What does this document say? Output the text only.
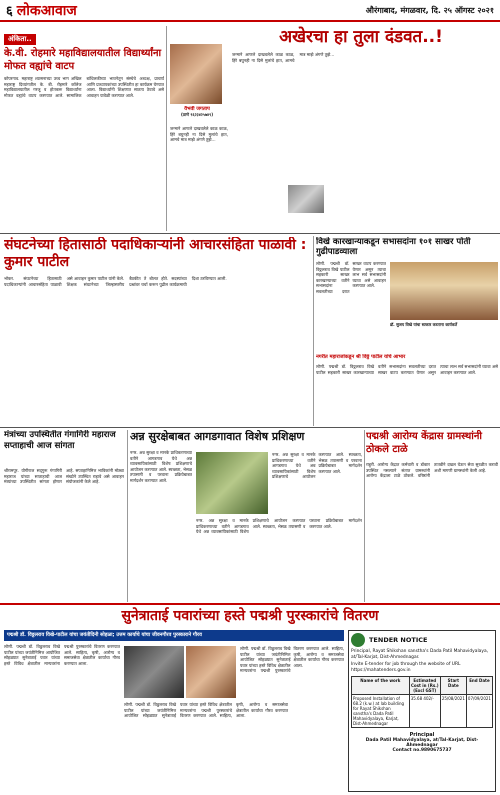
६ लोकआवाज	औरंगाबाद, मंगळवार, दि. २५ ऑगस्ट २०२१
अंकिता..
के.वी. रोहमारे महाविद्यालयातील विद्यार्थ्यांना मोफत वह्यांचे वाटप
कोपरगाव. महाराष्ट्र श्यासनाच्या उच्च भाग अखिल महाराष्ट्र दिव्यांगतील के. बी. रोहमारे कॉलेज महाविद्यालयातील गरजू व होतकरू विद्यार्थ्यांना मोफत वह्यांचे वाटप करण्यात आले. सामाजिक बांधिलकीच्या भावनेतून संस्थेचे अध्यक्ष, प्राचार्य आणि प्राध्यापकांच्या उपस्थितीत हा कार्यक्रम घेण्यात आला. विद्यार्थ्यांनी शिक्षणात सातत्य ठेवावे असे आवाहन यावेळी करण्यात आले.
वैभवी जगताप
(ठाणे ९६२३४२५७४९)
अखेरचा हा तुला दंडवत..!
जन्माने आणले दाखवलेले काळ काळ, हिरे बघुनही ना दिसे मुलांचे हात, आमचे मात्र माझे अंगणे तुझे...
जन्माने आणले दाखवलेले काळ काळ, हिरे बघुनही ना दिसे मुलांचे हात, आमचे मात्र माझे अंगणे तुझे...
संघटनेच्या हितासाठी पदाधिकाऱ्यांनी आचारसंहिता पाळावी : कुमार पाटील
भोकर. संघटनेच्या हितासाठी पदाधिकाऱ्यांनी आचारसंहिता पाळावी असे आवाहन कुमार पाटील यांनी केले. शिक्षक संघटनेच्या जिल्हास्तरीय बैठकीत ते बोलत होते. सदस्यांच्या प्रश्नांवर चर्चा करून पुढील कार्यक्रमाची दिशा ठरविण्यात आली.
विखे कारखान्याकडून सभासदांना १०१ साखर पोती गुढीपाडव्याला
लोणी. पद्मश्री डॉ. विठ्ठलराव विखे पाटील सहकारी साखर कारखान्याच्या वतीने सभासदांना सवलतीच्या दरात साखर वाटप करण्यात येणार असून त्याचा लाभ सर्व सभासदांनी घ्यावा असे आवाहन करण्यात आले.
डॉ. सुजय विखे यांचा सत्कार करताना कार्यकर्ते
नगरीत महाराजांकडून श्री विठ्ठे पाटील यांचे आभार
लोणी. पद्मश्री डॉ. विठ्ठलराव विखे पाटील सहकारी साखर कारखान्याच्या वतीने सभासदांना सवलतीच्या दरात साखर वाटप करण्यात येणार असून त्याचा लाभ सर्व सभासदांनी घ्यावा असे आवाहन करण्यात आले.
मंत्रांच्या उपस्थितीत गंगागिरी महाराज सप्ताहाची आज सांगता
श्रीरामपूर. योगीराज सद्‌गुरू गंगागिरी महाराज यांच्या सप्ताहाची आज मंत्र्यांच्या उपस्थितीत सांगता होणार आहे. सप्ताहानिमित्त भाविकांनी मोठ्या संख्येने उपस्थित राहावे असे आवाहन संयोजकांनी केले आहे.
अन्न सुरक्षेबाबत आगडगावात विशेष प्रशिक्षण
नगर. अन्न सुरक्षा व मानके प्राधिकरणाच्या वतीने आगडगाव येथे अन्न व्यावसायिकांसाठी विशेष प्रशिक्षणाचे आयोजन करण्यात आले. स्वच्छता, भेसळ तपासणी व परवाना प्रक्रियेबाबत मार्गदर्शन करण्यात आले.
नगर. अन्न सुरक्षा व मानके प्राधिकरणाच्या वतीने आगडगाव येथे अन्न व्यावसायिकांसाठी विशेष प्रशिक्षणाचे आयोजन करण्यात आले. स्वच्छता, भेसळ तपासणी व परवाना प्रक्रियेबाबत मार्गदर्शन करण्यात आले.
नगर. अन्न सुरक्षा व मानके प्राधिकरणाच्या वतीने आगडगाव येथे अन्न व्यावसायिकांसाठी विशेष प्रशिक्षणाचे आयोजन करण्यात आले. स्वच्छता, भेसळ तपासणी व परवाना प्रक्रियेबाबत मार्गदर्शन करण्यात आले.
पद्मश्री आरोग्य केंद्रास ग्रामस्थांनी ठोकले टाळे
राहुरी. आरोग्य केंद्रात कर्मचारी व डॉक्टर उपस्थित नसल्याने संतप्त ग्रामस्थांनी आरोग्य केंद्राला टाळे ठोकले. वरिष्ठांनी तातडीने दखल घेऊन सेवा सुरळीत करावी अशी मागणी ग्रामस्थांनी केली आहे.
सुनेत्राताई पवारांच्या हस्ते पद्मश्री पुरस्कारांचे वितरण
पद्मश्री डॉ. विठ्ठलराव विखे-पाटील यांचा जयंतीदिनी सोहळा; उत्तम कार्याचे यांचा जीवनगौरव पुरस्काराने गौरव
लोणी. पद्मश्री डॉ. विठ्ठलराव विखे पाटील यांच्या जयंतीनिमित्त आयोजित सोहळ्यात सुनेत्राताई पवार यांच्या हस्ते विविध क्षेत्रातील मान्यवरांना पद्मश्री पुरस्कारांचे वितरण करण्यात आले. साहित्य, कृषी, आरोग्य व समाजसेवा क्षेत्रातील कार्याचा गौरव करण्यात आला.
लोणी. पद्मश्री डॉ. विठ्ठलराव विखे पाटील यांच्या जयंतीनिमित्त आयोजित सोहळ्यात सुनेत्राताई पवार यांच्या हस्ते विविध क्षेत्रातील मान्यवरांना पद्मश्री पुरस्कारांचे वितरण करण्यात आले. साहित्य, कृषी, आरोग्य व समाजसेवा क्षेत्रातील कार्याचा गौरव करण्यात आला.
लोणी. पद्मश्री डॉ. विठ्ठलराव विखे पाटील यांच्या जयंतीनिमित्त आयोजित सोहळ्यात सुनेत्राताई पवार यांच्या हस्ते विविध क्षेत्रातील मान्यवरांना पद्मश्री पुरस्कारांचे वितरण करण्यात आले. साहित्य, कृषी, आरोग्य व समाजसेवा क्षेत्रातील कार्याचा गौरव करण्यात आला.
TENDER NOTICE
Principal, Rayat Shikshan sanstha's Dada Patil Mahavidyalaya, at/Tal-Karjat, Dist-Ahmednagar.
Invite E-tender for job through the website of URL https://mahatenders.gov.in
Name of the work	Estimated Cost in (Rs.) (Excl GST)	Start Date	End Date
Proposed Installation of 68.2 (k.w.) at lab building for Rayat Shikshan sanstha's Dada Patil Mahavidyalaya, Karjat, Dist-Ahmednagar	35.68 402/-	25/08/2021	07/09/2021
Principal
Dada Patil Mahavidyalaya, at/Tal-Karjat, Dist-Ahmednagar
Contact no.9890675737
